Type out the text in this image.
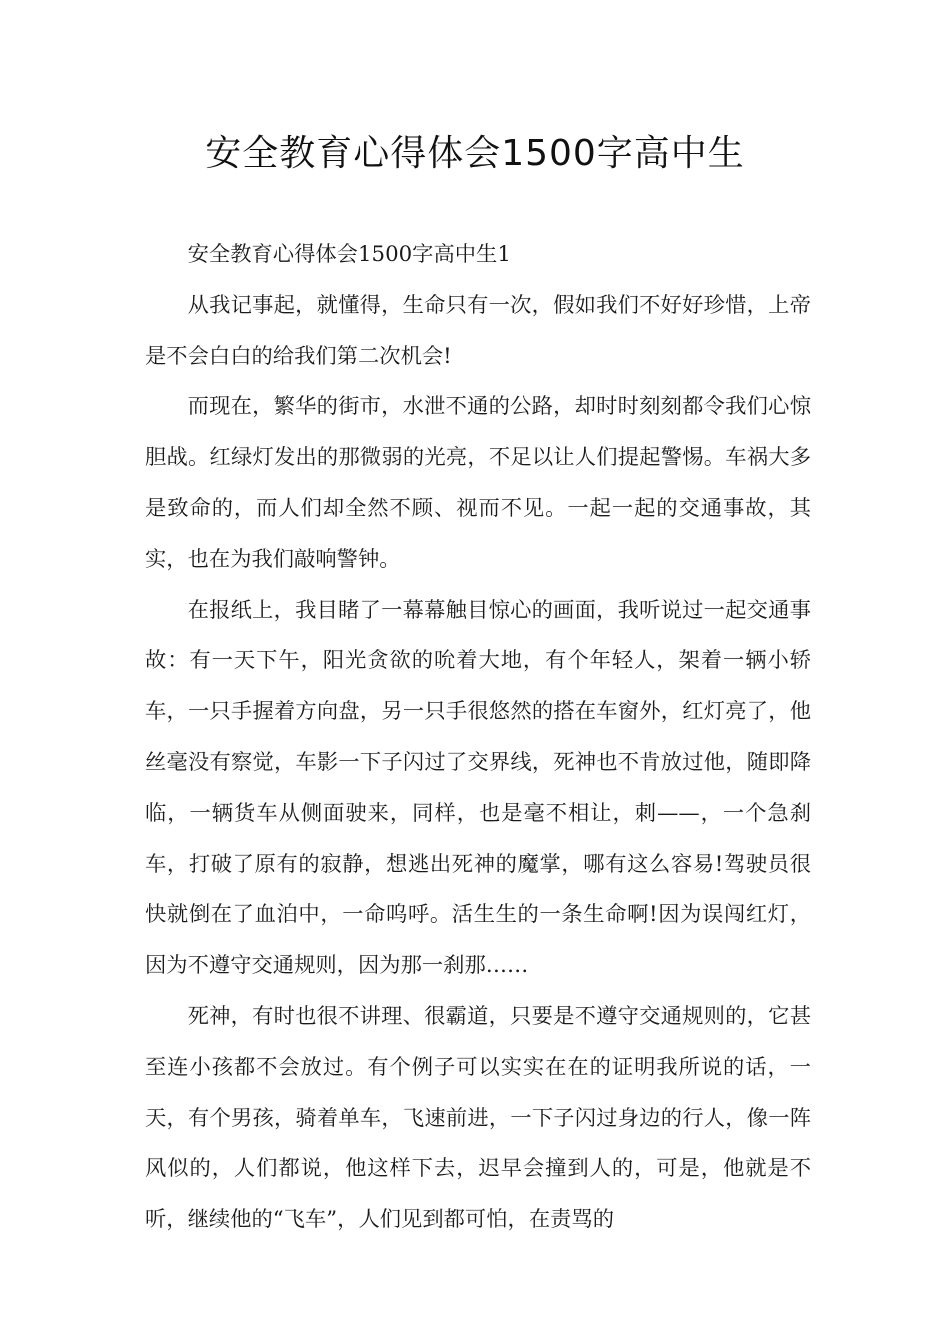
安全教育心得体会1500字高中生

安全教育心得体会1500字高中生1

从我记事起，就懂得，生命只有一次，假如我们不好好珍惜，上帝是不会白白的给我们第二次机会!

而现在，繁华的街市，水泄不通的公路，却时时刻刻都令我们心惊胆战。红绿灯发出的那微弱的光亮，不足以让人们提起警惕。车祸大多是致命的，而人们却全然不顾、视而不见。一起一起的交通事故，其实，也在为我们敲响警钟。

在报纸上，我目睹了一幕幕触目惊心的画面，我听说过一起交通事故：有一天下午，阳光贪欲的吮着大地，有个年轻人，架着一辆小轿车，一只手握着方向盘，另一只手很悠然的搭在车窗外，红灯亮了，他丝毫没有察觉，车影一下子闪过了交界线，死神也不肯放过他，随即降临，一辆货车从侧面驶来，同样，也是毫不相让，刺——，一个急刹车，打破了原有的寂静，想逃出死神的魔掌，哪有这么容易!驾驶员很快就倒在了血泊中，一命呜呼。活生生的一条生命啊!因为误闯红灯，因为不遵守交通规则，因为那一刹那……

死神，有时也很不讲理、很霸道，只要是不遵守交通规则的，它甚至连小孩都不会放过。有个例子可以实实在在的证明我所说的话，一天，有个男孩，骑着单车，飞速前进，一下子闪过身边的行人，像一阵风似的，人们都说，他这样下去，迟早会撞到人的，可是，他就是不听，继续他的“飞车”，人们见到都可怕，在责骂的
